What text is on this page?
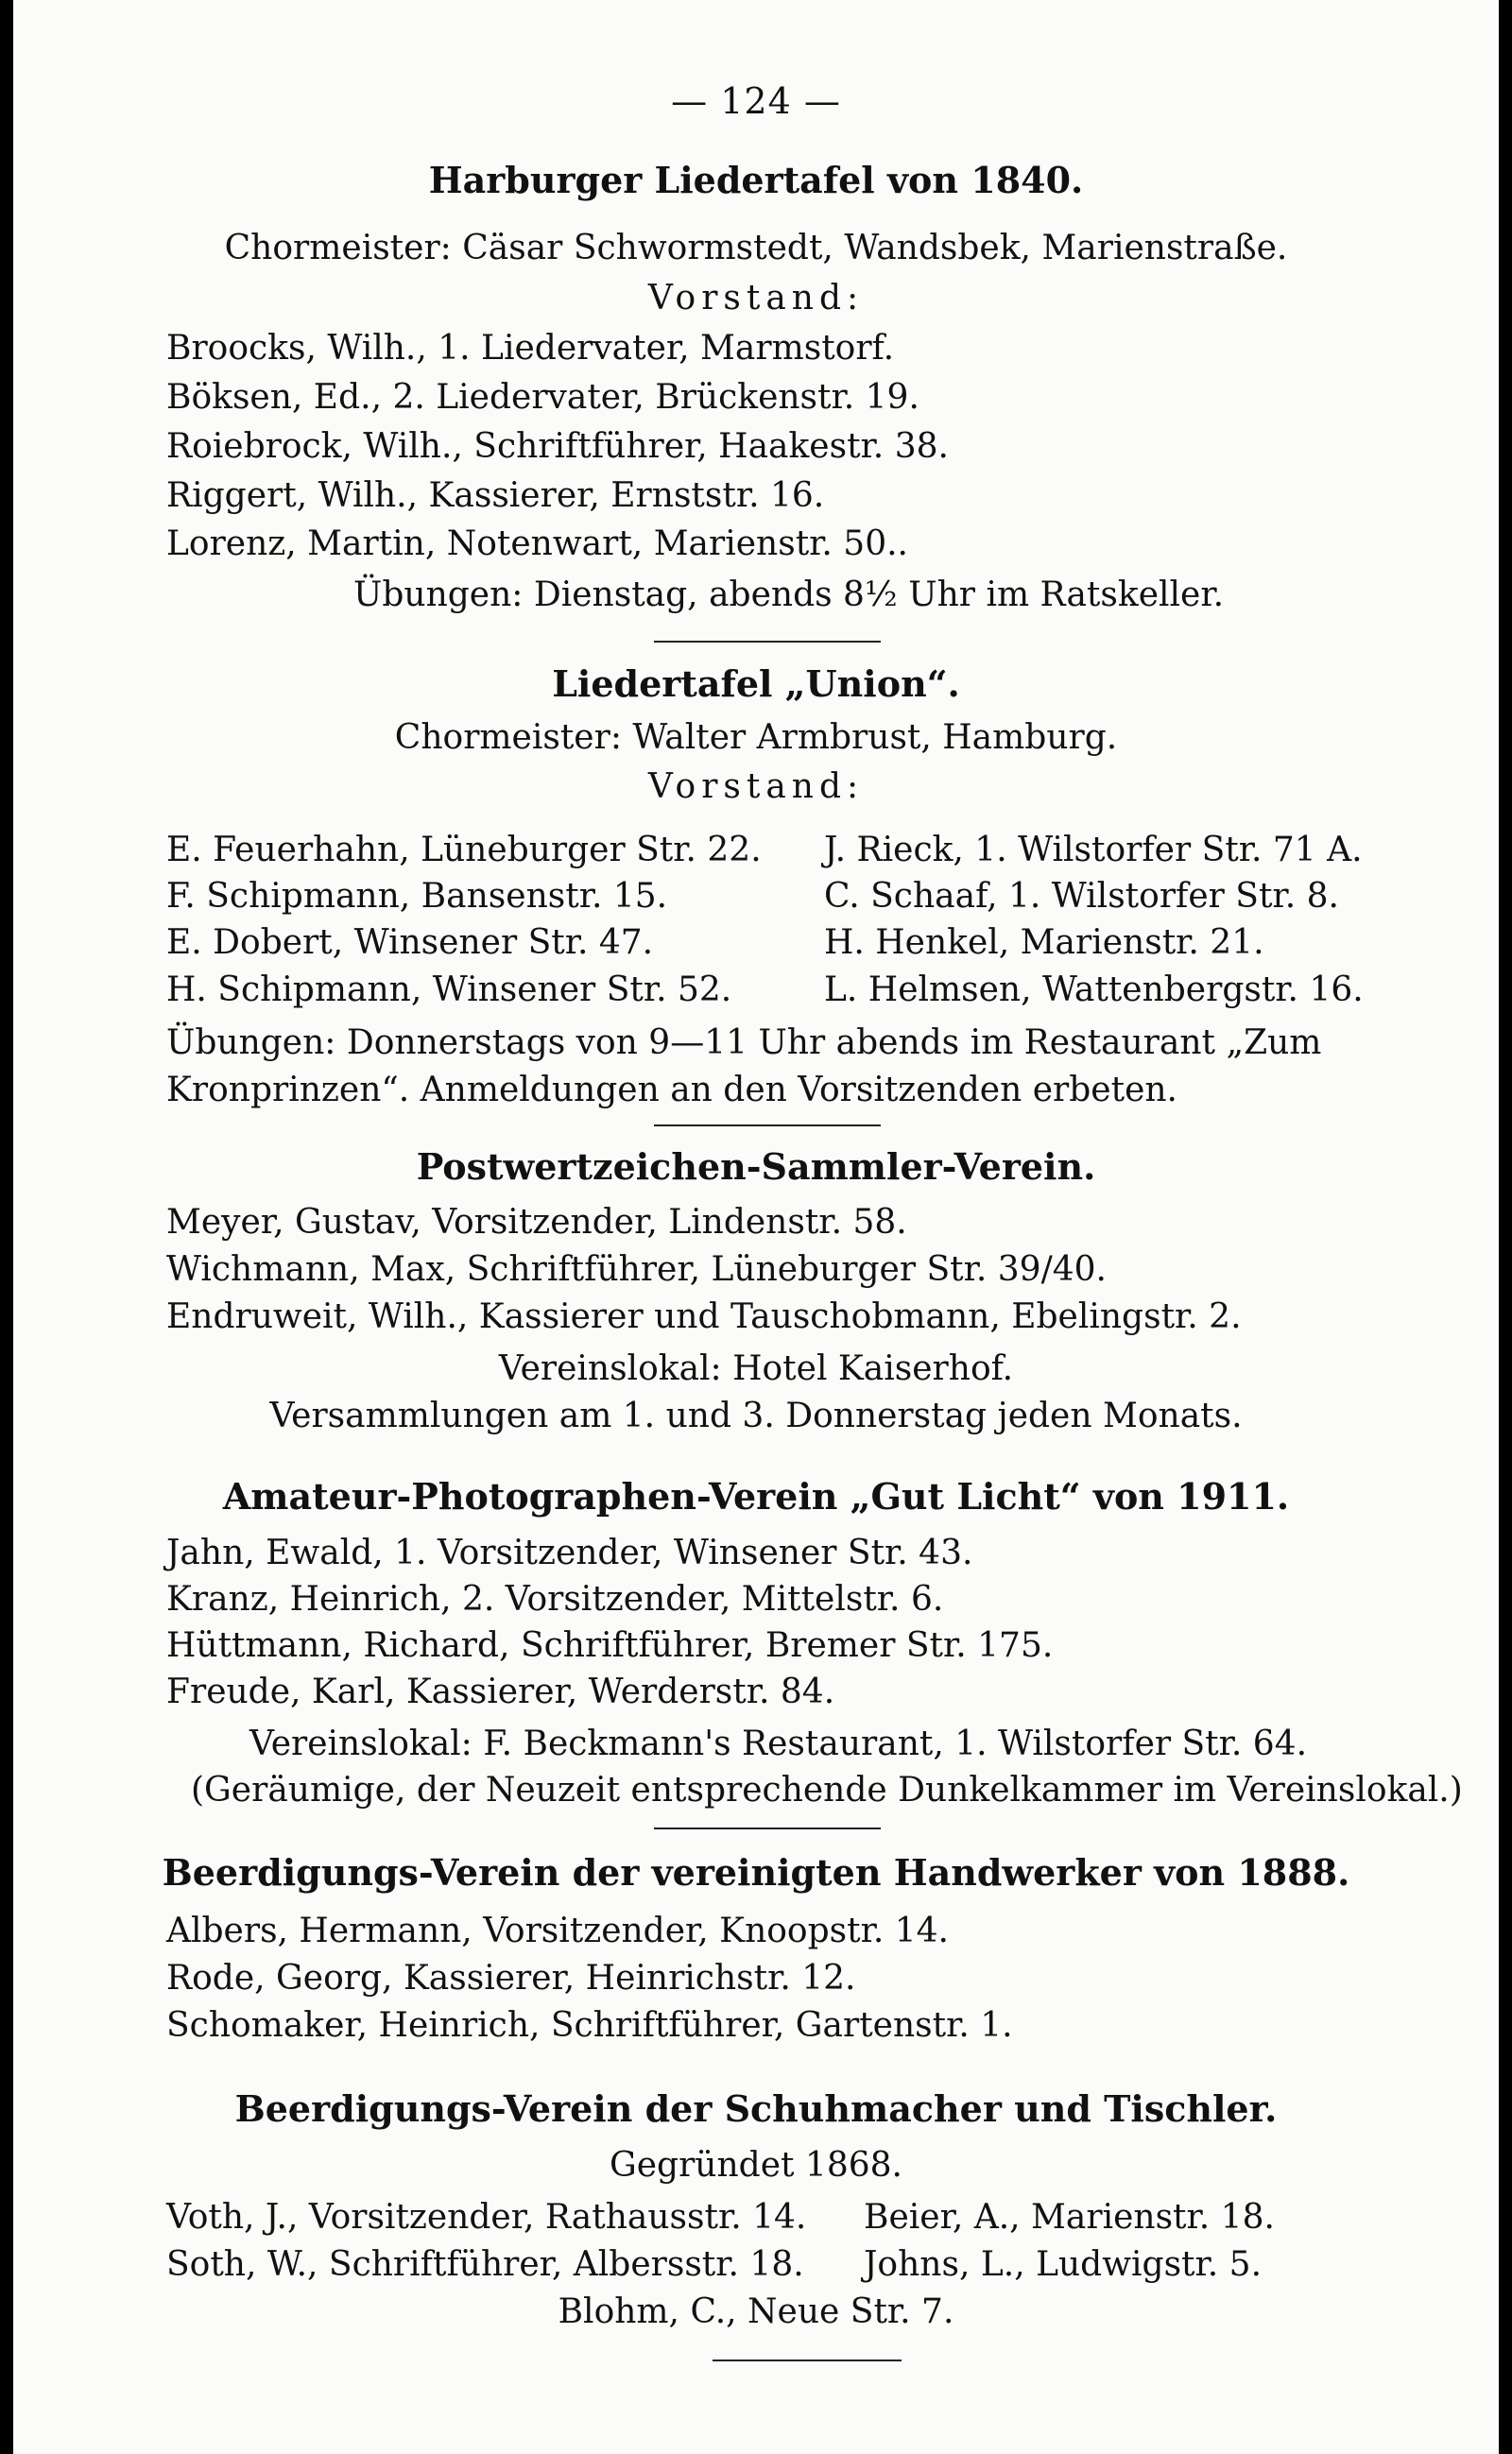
— 124 —
Harburger Liedertafel von 1840.
Chormeister: Cäsar Schwormstedt, Wandsbek, Marienstraße.
Vorstand:
Broocks, Wilh., 1. Liedervater, Marmstorf.
Böksen, Ed., 2. Liedervater, Brückenstr. 19.
Roiebrock, Wilh., Schriftführer, Haakestr. 38.
Riggert, Wilh., Kassierer, Ernststr. 16.
Lorenz, Martin, Notenwart, Marienstr. 50..
Übungen: Dienstag, abends 8½ Uhr im Ratskeller.
Liedertafel „Union“.
Chormeister: Walter Armbrust, Hamburg.
Vorstand:
E. Feuerhahn, Lüneburger Str. 22.
F. Schipmann, Bansenstr. 15.
E. Dobert, Winsener Str. 47.
H. Schipmann, Winsener Str. 52.
J. Rieck, 1. Wilstorfer Str. 71 A.
C. Schaaf, 1. Wilstorfer Str. 8.
H. Henkel, Marienstr. 21.
L. Helmsen, Wattenbergstr. 16.
Übungen: Donnerstags von 9—11 Uhr abends im Restaurant „Zum
Kronprinzen“. Anmeldungen an den Vorsitzenden erbeten.
Postwertzeichen-Sammler-Verein.
Meyer, Gustav, Vorsitzender, Lindenstr. 58.
Wichmann, Max, Schriftführer, Lüneburger Str. 39/40.
Endruweit, Wilh., Kassierer und Tauschobmann, Ebelingstr. 2.
Vereinslokal: Hotel Kaiserhof.
Versammlungen am 1. und 3. Donnerstag jeden Monats.
Amateur-Photographen-Verein „Gut Licht“ von 1911.
Jahn, Ewald, 1. Vorsitzender, Winsener Str. 43.
Kranz, Heinrich, 2. Vorsitzender, Mittelstr. 6.
Hüttmann, Richard, Schriftführer, Bremer Str. 175.
Freude, Karl, Kassierer, Werderstr. 84.
Vereinslokal: F. Beckmann's Restaurant, 1. Wilstorfer Str. 64.
(Geräumige, der Neuzeit entsprechende Dunkelkammer im Vereinslokal.)
Beerdigungs-Verein der vereinigten Handwerker von 1888.
Albers, Hermann, Vorsitzender, Knoopstr. 14.
Rode, Georg, Kassierer, Heinrichstr. 12.
Schomaker, Heinrich, Schriftführer, Gartenstr. 1.
Beerdigungs-Verein der Schuhmacher und Tischler.
Gegründet 1868.
Voth, J., Vorsitzender, Rathausstr. 14.
Soth, W., Schriftführer, Albersstr. 18.
Beier, A., Marienstr. 18.
Johns, L., Ludwigstr. 5.
Blohm, C., Neue Str. 7.
